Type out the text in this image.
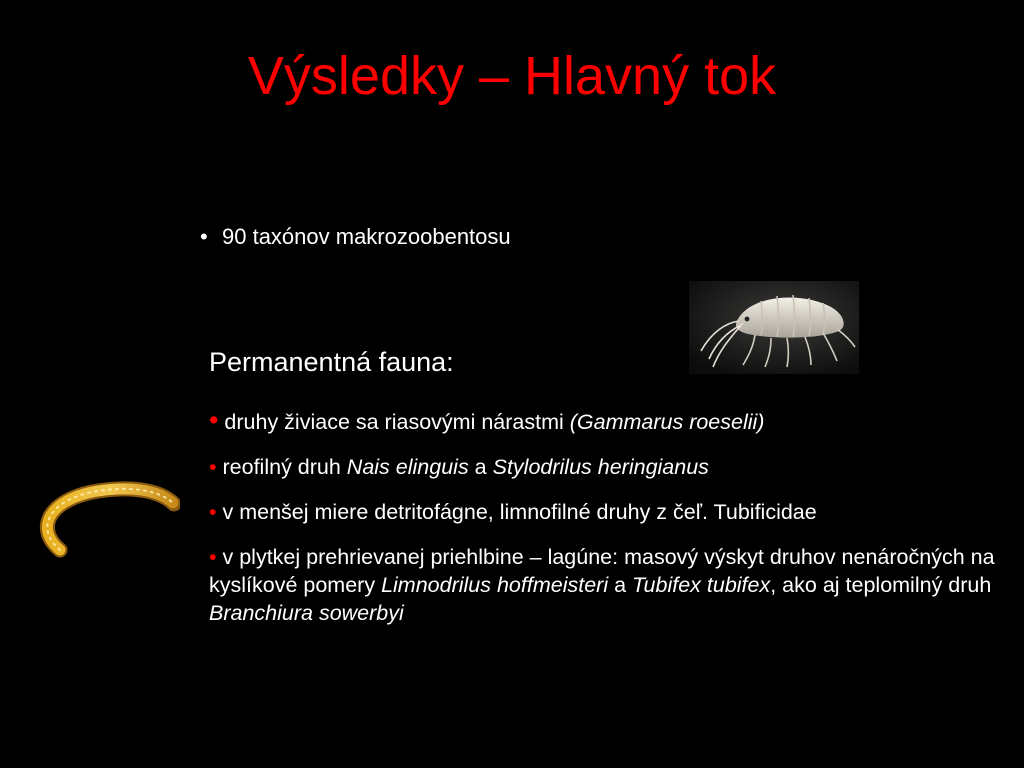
Výsledky – Hlavný tok
• 90 taxónov makrozoobentosu
Permanentná fauna:

• druhy živiace sa riasovými nárastmi (Gammarus roeselii)

• reofilný druh Nais elinguis a Stylodrilus heringianus

• v menšej miere detritofágne, limnofilné druhy z čeľ. Tubificidae

• v plytkej prehrievanej priehlbine – lagúne: masový výskyt druhov nenáročných na kyslíkové pomery Limnodrilus hoffmeisteri a Tubifex tubifex, ako aj teplomilný druh Branchiura sowerbyi
